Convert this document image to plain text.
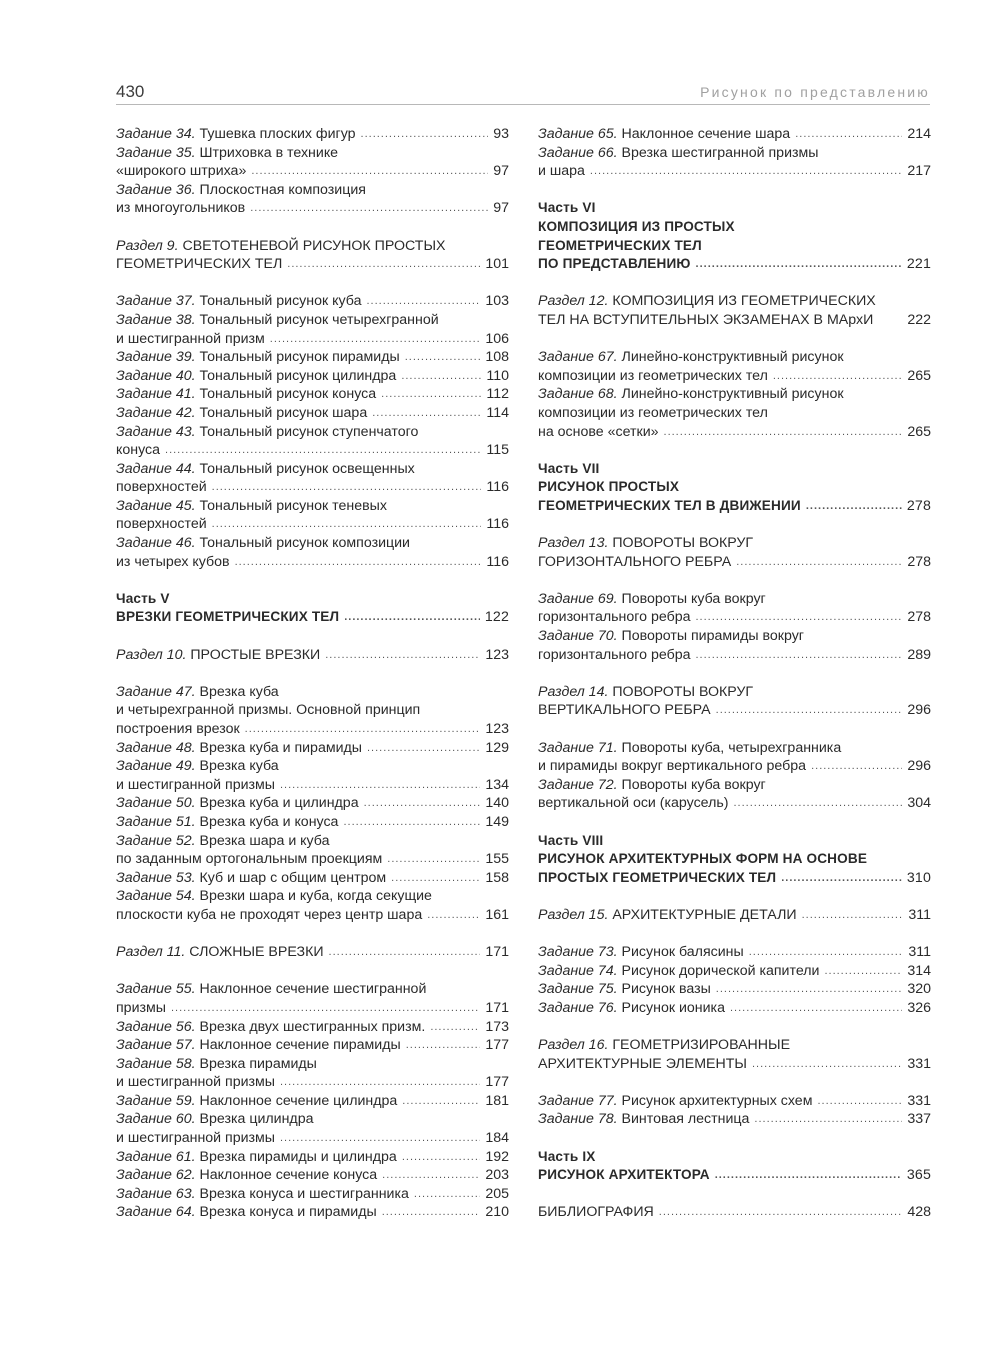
430	Рисунок по представлению
Задание 34. Тушевка плоских фигур .....	93
Задание 35. Штриховка в технике
«широкого штриха» .....	97
Задание 36. Плоскостная композиция
из многоугольников .....	97
Раздел 9. СВЕТОТЕНЕВОЙ РИСУНОК ПРОСТЫХ
ГЕОМЕТРИЧЕСКИХ ТЕЛ .....	101
Задание 37. Тональный рисунок куба .....	103
Задание 38. Тональный рисунок четырехгранной
и шестигранной призм .....	106
Задание 39. Тональный рисунок пирамиды .....	108
Задание 40. Тональный рисунок цилиндра .....	110
Задание 41. Тональный рисунок конуса .....	112
Задание 42. Тональный рисунок шара .....	114
Задание 43. Тональный рисунок ступенчатого
конуса .....	115
Задание 44. Тональный рисунок освещенных
поверхностей .....	116
Задание 45. Тональный рисунок теневых
поверхностей .....	116
Задание 46. Тональный рисунок композиции
из четырех кубов .....	116
Часть V
ВРЕЗКИ ГЕОМЕТРИЧЕСКИХ ТЕЛ .....	122
Раздел 10. ПРОСТЫЕ ВРЕЗКИ .....	123
Задание 47. Врезка куба
и четырехгранной призмы. Основной принцип
построения врезок .....	123
Задание 48. Врезка куба и пирамиды .....	129
Задание 49. Врезка куба
и шестигранной призмы .....	134
Задание 50. Врезка куба и цилиндра .....	140
Задание 51. Врезка куба и конуса .....	149
Задание 52. Врезка шара и куба
по заданным ортогональным проекциям .....	155
Задание 53. Куб и шар с общим центром .....	158
Задание 54. Врезки шара и куба, когда секущие
плоскости куба не проходят через центр шара .....	161
Раздел 11. СЛОЖНЫЕ ВРЕЗКИ .....	171
Задание 55. Наклонное сечение шестигранной
призмы .....	171
Задание 56. Врезка двух шестигранных призм. .....	173
Задание 57. Наклонное сечение пирамиды .....	177
Задание 58. Врезка пирамиды
и шестигранной призмы .....	177
Задание 59. Наклонное сечение цилиндра .....	181
Задание 60. Врезка цилиндра
и шестигранной призмы .....	184
Задание 61. Врезка пирамиды и цилиндра .....	192
Задание 62. Наклонное сечение конуса .....	203
Задание 63. Врезка конуса и шестигранника .....	205
Задание 64. Врезка конуса и пирамиды .....	210
Задание 65. Наклонное сечение шара .....	214
Задание 66. Врезка шестигранной призмы
и шара .....	217
Часть VI
КОМПОЗИЦИЯ ИЗ ПРОСТЫХ
ГЕОМЕТРИЧЕСКИХ ТЕЛ
ПО ПРЕДСТАВЛЕНИЮ .....	221
Раздел 12. КОМПОЗИЦИЯ ИЗ ГЕОМЕТРИЧЕСКИХ
ТЕЛ НА ВСТУПИТЕЛЬНЫХ ЭКЗАМЕНАХ В МАрхИ 222
Задание 67. Линейно-конструктивный рисунок
композиции из геометрических тел .....	265
Задание 68. Линейно-конструктивный рисунок
композиции из геометрических тел
на основе «сетки» .....	265
Часть VII
РИСУНОК ПРОСТЫХ
ГЕОМЕТРИЧЕСКИХ ТЕЛ В ДВИЖЕНИИ .....	278
Раздел 13. ПОВОРОТЫ ВОКРУГ
ГОРИЗОНТАЛЬНОГО РЕБРА .....	278
Задание 69. Повороты куба вокруг
горизонтального ребра .....	278
Задание 70. Повороты пирамиды вокруг
горизонтального ребра .....	289
Раздел 14. ПОВОРОТЫ ВОКРУГ
ВЕРТИКАЛЬНОГО РЕБРА .....	296
Задание 71. Повороты куба, четырехгранника
и пирамиды вокруг вертикального ребра .....	296
Задание 72. Повороты куба вокруг
вертикальной оси (карусель) .....	304
Часть VIII
РИСУНОК АРХИТЕКТУРНЫХ ФОРМ НА ОСНОВЕ
ПРОСТЫХ ГЕОМЕТРИЧЕСКИХ ТЕЛ .....	310
Раздел 15. АРХИТЕКТУРНЫЕ ДЕТАЛИ .....	311
Задание 73. Рисунок балясины .....	311
Задание 74. Рисунок дорической капители .....	314
Задание 75. Рисунок вазы .....	320
Задание 76. Рисунок ионика .....	326
Раздел 16. ГЕОМЕТРИЗИРОВАННЫЕ
АРХИТЕКТУРНЫЕ ЭЛЕМЕНТЫ .....	331
Задание 77. Рисунок архитектурных схем .....	331
Задание 78. Винтовая лестница .....	337
Часть IX
РИСУНОК АРХИТЕКТОРА .....	365
БИБЛИОГРАФИЯ .....	428
